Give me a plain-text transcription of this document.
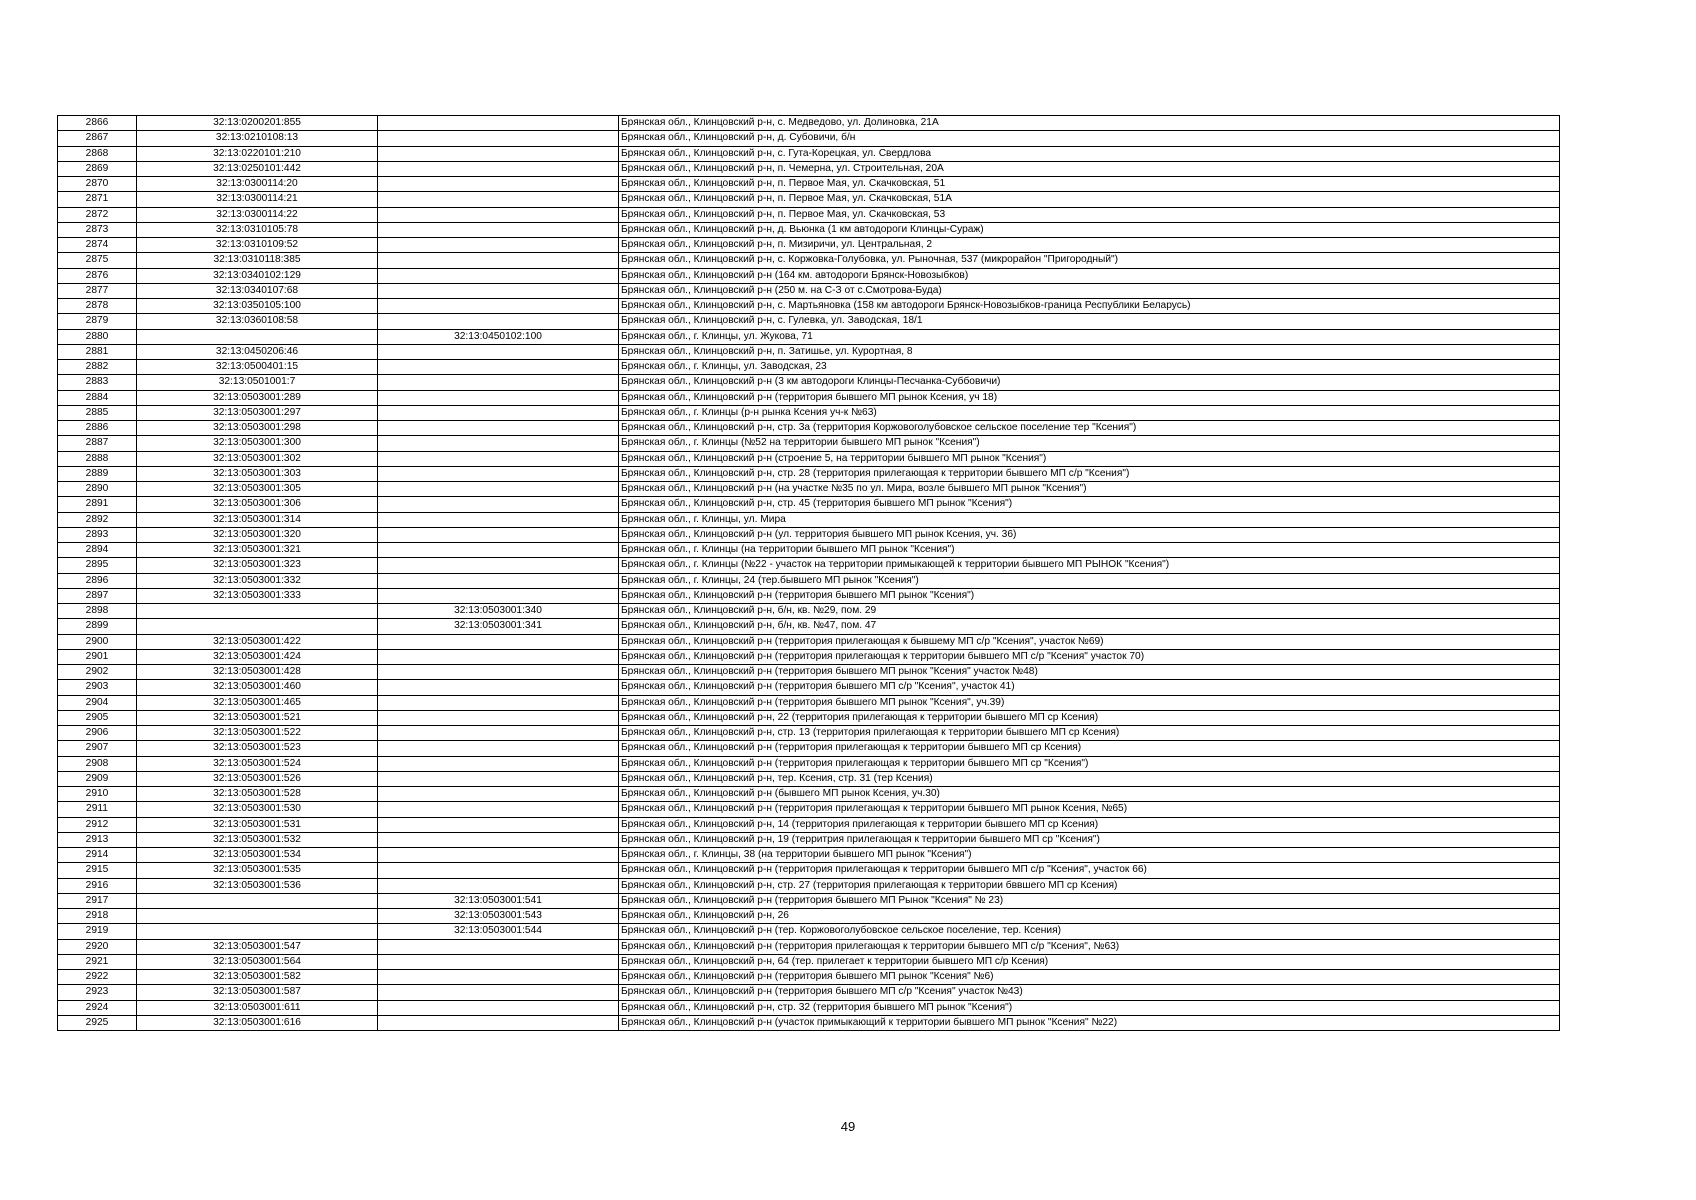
2866	32:13:0200201:855		Брянская обл., Клинцовский р-н, с. Медведово, ул. Долиновка, 21А
2867	32:13:0210108:13		Брянская обл., Клинцовский р-н, д. Субовичи, б/н
2868	32:13:0220101:210		Брянская обл., Клинцовский р-н, с. Гута-Корецкая, ул. Свердлова
2869	32:13:0250101:442		Брянская обл., Клинцовский р-н, п. Чемерна, ул. Строительная, 20А
2870	32:13:0300114:20		Брянская обл., Клинцовский р-н, п. Первое Мая, ул. Скачковская, 51
2871	32:13:0300114:21		Брянская обл., Клинцовский р-н, п. Первое Мая, ул. Скачковская, 51А
2872	32:13:0300114:22		Брянская обл., Клинцовский р-н, п. Первое Мая, ул. Скачковская, 53
2873	32:13:0310105:78		Брянская обл., Клинцовский р-н, д. Вьюнка (1 км автодороги Клинцы-Сураж)
2874	32:13:0310109:52		Брянская обл., Клинцовский р-н, п. Мизиричи, ул. Центральная, 2
2875	32:13:0310118:385		Брянская обл., Клинцовский р-н, с. Коржовка-Голубовка, ул. Рыночная, 537 (микрорайон "Пригородный")
2876	32:13:0340102:129		Брянская обл., Клинцовский р-н (164 км. автодороги Брянск-Новозыбков)
2877	32:13:0340107:68		Брянская обл., Клинцовский р-н (250 м. на С-З от с.Смотрова-Буда)
2878	32:13:0350105:100		Брянская обл., Клинцовский р-н, с. Мартьяновка (158 км автодороги Брянск-Новозыбков-граница Республики Беларусь)
2879	32:13:0360108:58		Брянская обл., Клинцовский р-н, с. Гулевка, ул. Заводская, 18/1
2880		32:13:0450102:100	Брянская обл., г. Клинцы, ул. Жукова, 71
2881	32:13:0450206:46		Брянская обл., Клинцовский р-н, п. Затишье, ул. Курортная, 8
2882	32:13:0500401:15		Брянская обл., г. Клинцы, ул. Заводская, 23
2883	32:13:0501001:7		Брянская обл., Клинцовский р-н (3 км автодороги Клинцы-Песчанка-Суббовичи)
2884	32:13:0503001:289		Брянская обл., Клинцовский р-н (территория бывшего МП рынок Ксения, уч 18)
2885	32:13:0503001:297		Брянская обл., г. Клинцы (р-н рынка Ксения уч-к №63)
2886	32:13:0503001:298		Брянская обл., Клинцовский р-н, стр. 3а (территория Коржовоголубовское сельское поселение тер "Ксения")
2887	32:13:0503001:300		Брянская обл., г. Клинцы (№52 на территории бывшего МП рынок "Ксения")
2888	32:13:0503001:302		Брянская обл., Клинцовский р-н (строение 5, на территории бывшего МП рынок "Ксения")
2889	32:13:0503001:303		Брянская обл., Клинцовский р-н, стр. 28 (территория прилегающая к территории бывшего МП с/р "Ксения")
2890	32:13:0503001:305		Брянская обл., Клинцовский р-н (на участке №35 по ул. Мира, возле бывшего МП рынок "Ксения")
2891	32:13:0503001:306		Брянская обл., Клинцовский р-н, стр. 45 (территория бывшего МП рынок "Ксения")
2892	32:13:0503001:314		Брянская обл., г. Клинцы, ул. Мира
2893	32:13:0503001:320		Брянская обл., Клинцовский р-н (ул. территория бывшего МП рынок Ксения, уч. 36)
2894	32:13:0503001:321		Брянская обл., г. Клинцы (на территории бывшего МП рынок "Ксения")
2895	32:13:0503001:323		Брянская обл., г. Клинцы (№22 - участок на территории примыкающей к территории бывшего МП РЫНОК "Ксения")
2896	32:13:0503001:332		Брянская обл., г. Клинцы, 24 (тер.бывшего МП рынок "Ксения")
2897	32:13:0503001:333		Брянская обл., Клинцовский р-н (территория бывшего МП рынок "Ксения")
2898		32:13:0503001:340	Брянская обл., Клинцовский р-н, б/н, кв. №29, пом. 29
2899		32:13:0503001:341	Брянская обл., Клинцовский р-н, б/н, кв. №47, пом. 47
2900	32:13:0503001:422		Брянская обл., Клинцовский р-н (территория прилегающая к бывшему МП с/р "Ксения", участок №69)
2901	32:13:0503001:424		Брянская обл., Клинцовский р-н (территория прилегающая к территории бывшего МП с/р "Ксения" участок 70)
2902	32:13:0503001:428		Брянская обл., Клинцовский р-н (территория бывшего МП рынок "Ксения" участок №48)
2903	32:13:0503001:460		Брянская обл., Клинцовский р-н (территория бывшего МП с/р "Ксения", участок 41)
2904	32:13:0503001:465		Брянская обл., Клинцовский р-н (территория бывшего МП рынок "Ксения", уч.39)
2905	32:13:0503001:521		Брянская обл., Клинцовский р-н, 22 (территория прилегающая к территории бывшего МП ср Ксения)
2906	32:13:0503001:522		Брянская обл., Клинцовский р-н, стр. 13 (территория прилегающая к территории бывшего МП ср Ксения)
2907	32:13:0503001:523		Брянская обл., Клинцовский р-н (территория прилегающая к территории бывшего МП ср Ксения)
2908	32:13:0503001:524		Брянская обл., Клинцовский р-н (территория прилегающая к территории бывшего МП ср "Ксения")
2909	32:13:0503001:526		Брянская обл., Клинцовский р-н, тер. Ксения, стр. 31 (тер Ксения)
2910	32:13:0503001:528		Брянская обл., Клинцовский р-н (бывшего МП рынок Ксения, уч.30)
2911	32:13:0503001:530		Брянская обл., Клинцовский р-н (территория прилегающая к территории бывшего МП рынок Ксения, №65)
2912	32:13:0503001:531		Брянская обл., Клинцовский р-н, 14 (территория прилегающая к территории бывшего МП ср Ксения)
2913	32:13:0503001:532		Брянская обл., Клинцовский р-н, 19 (территрия прилегающая к территории бывшего МП ср "Ксения")
2914	32:13:0503001:534		Брянская обл., г. Клинцы, 38 (на территории бывшего МП рынок "Ксения")
2915	32:13:0503001:535		Брянская обл., Клинцовский р-н (территория прилегающая к территории бывшего МП с/р "Ксения", участок 66)
2916	32:13:0503001:536		Брянская обл., Клинцовский р-н, стр. 27 (территория прилегающая к территории бввшего МП ср Ксения)
2917		32:13:0503001:541	Брянская обл., Клинцовский р-н (территория бывшего МП Рынок "Ксения" № 23)
2918		32:13:0503001:543	Брянская обл., Клинцовский р-н, 26
2919		32:13:0503001:544	Брянская обл., Клинцовский р-н (тер. Коржовоголубовское сельское поселение, тер. Ксения)
2920	32:13:0503001:547		Брянская обл., Клинцовский р-н (территория прилегающая к территории бывшего МП с/р "Ксения", №63)
2921	32:13:0503001:564		Брянская обл., Клинцовский р-н, 64 (тер. прилегает к территории бывшего МП с/р Ксения)
2922	32:13:0503001:582		Брянская обл., Клинцовский р-н (территория бывшего МП рынок "Ксения" №6)
2923	32:13:0503001:587		Брянская обл., Клинцовский р-н (территория бывшего МП с/р "Ксения" участок №43)
2924	32:13:0503001:611		Брянская обл., Клинцовский р-н, стр. 32 (территория бывшего МП рынок "Ксения")
2925	32:13:0503001:616		Брянская обл., Клинцовский р-н (участок примыкающий к территории бывшего МП рынок "Ксения" №22)
49
